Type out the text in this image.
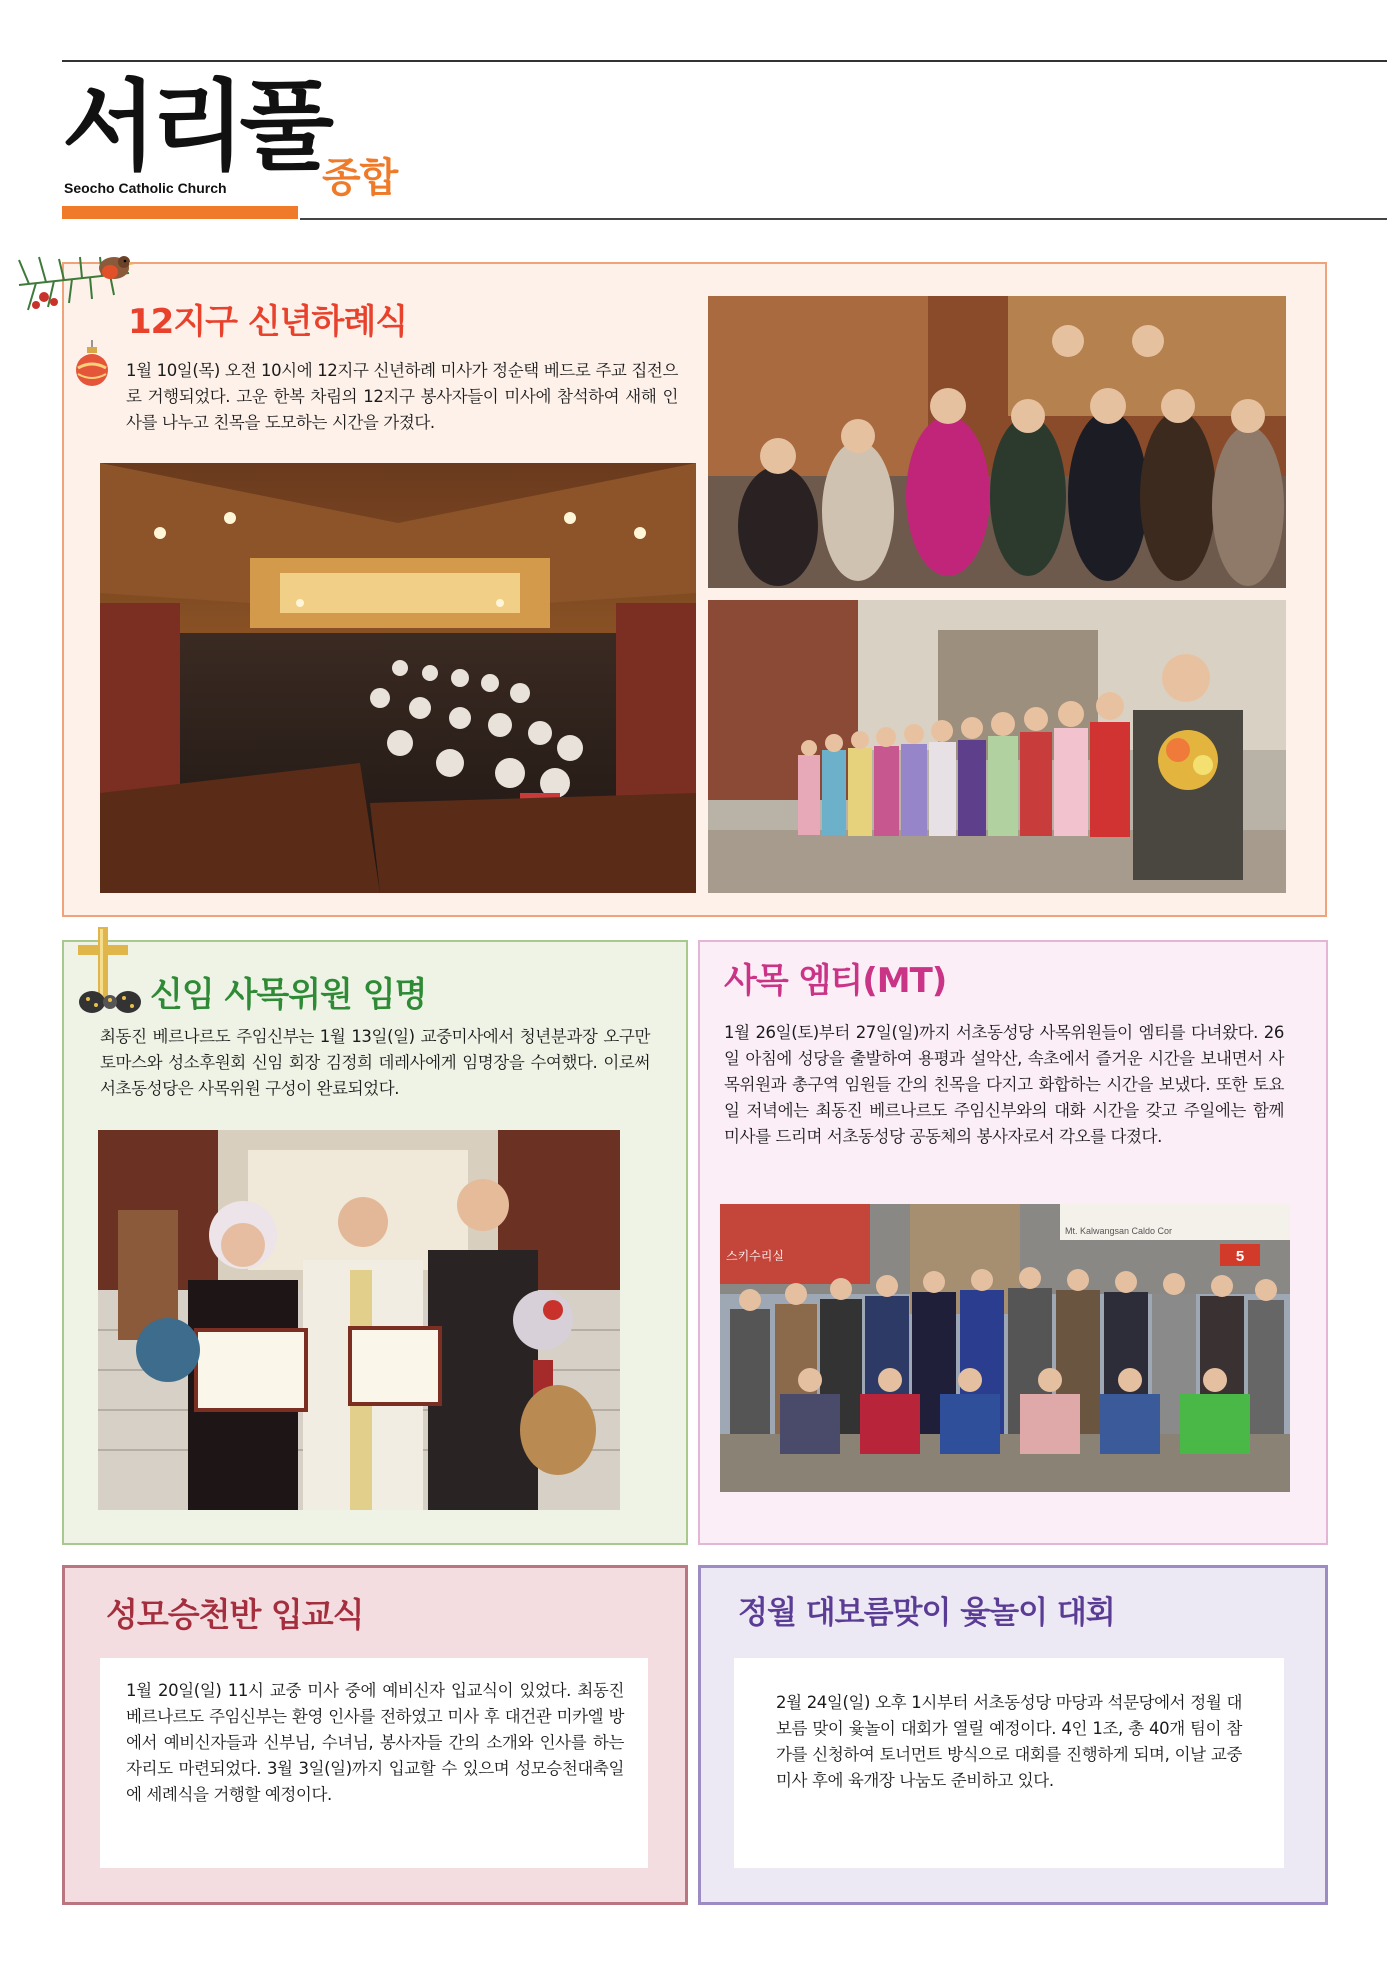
서리풀
Seocho Catholic Church 종합
12지구 신년하례식

1월 10일(목) 오전 10시에 12지구 신년하례 미사가 정순택 베드로 주교 집전으로 거행되었다. 고운 한복 차림의 12지구 봉사자들이 미사에 참석하여 새해 인사를 나누고 친목을 도모하는 시간을 가졌다.

신임 사목위원 임명

최동진 베르나르도 주임신부는 1월 13일(일) 교중미사에서 청년분과장 오구만 토마스와 성소후원회 신임 회장 김정희 데레사에게 임명장을 수여했다. 이로써 서초동성당은 사목위원 구성이 완료되었다.

사목 엠티(MT)

1월 26일(토)부터 27일(일)까지 서초동성당 사목위원들이 엠티를 다녀왔다. 26일 아침에 성당을 출발하여 용평과 설악산, 속초에서 즐거운 시간을 보내면서 사목위원과 총구역 임원들 간의 친목을 다지고 화합하는 시간을 보냈다. 또한 토요일 저녁에는 최동진 베르나르도 주임신부와의 대화 시간을 갖고 주일에는 함께 미사를 드리며 서초동성당 공동체의 봉사자로서 각오를 다졌다.

5
Mt. Kalwangsan Caldo Cor
스키수리실
성모승천반 입교식

1월 20일(일) 11시 교중 미사 중에 예비신자 입교식이 있었다. 최동진 베르나르도 주임신부는 환영 인사를 전하였고 미사 후 대건관 미카엘 방에서 예비신자들과 신부님, 수녀님, 봉사자들 간의 소개와 인사를 하는 자리도 마련되었다. 3월 3일(일)까지 입교할 수 있으며 성모승천대축일에 세례식을 거행할 예정이다.

정월 대보름맞이 윷놀이 대회

2월 24일(일) 오후 1시부터 서초동성당 마당과 석문당에서 정월 대보름 맞이 윷놀이 대회가 열릴 예정이다. 4인 1조, 총 40개 팀이 참가를 신청하여 토너먼트 방식으로 대회를 진행하게 되며, 이날 교중미사 후에 육개장 나눔도 준비하고 있다.
